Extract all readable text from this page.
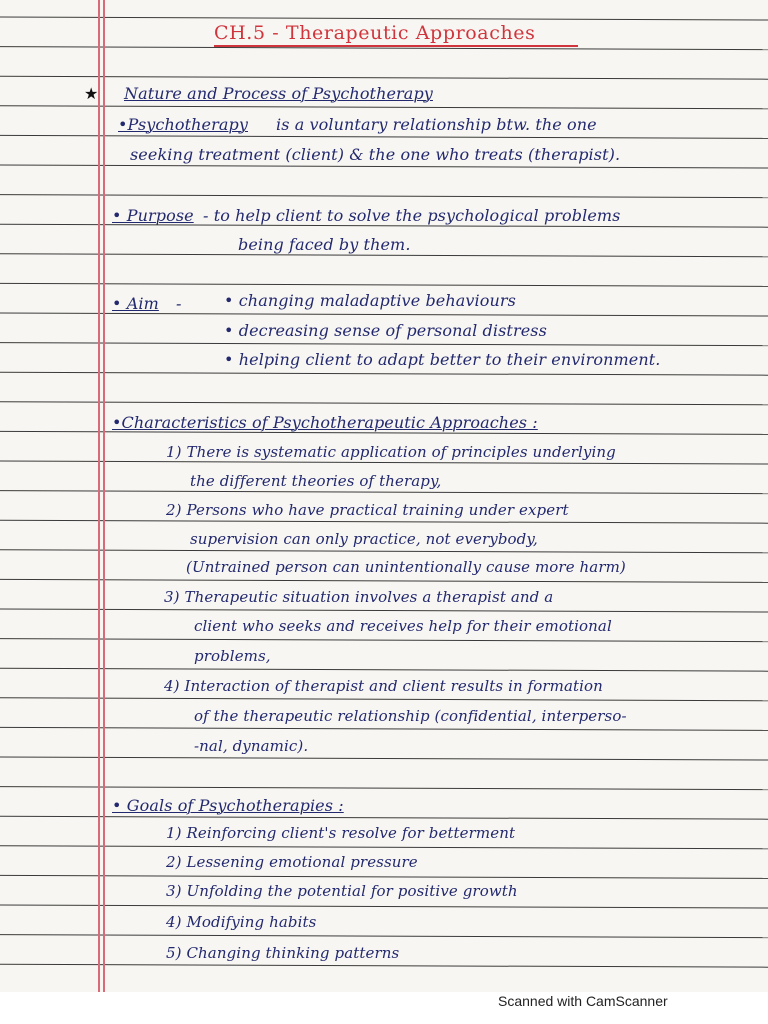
CH.5 - Therapeutic Approaches
★ Nature and Process of Psychotherapy
•Psychotherapy is a voluntary relationship btw. the one
seeking treatment (client) & the one who treats (therapist).
• Purpose - to help client to solve the psychological problems
being faced by them.
• Aim -	• changing maladaptive behaviours
• decreasing sense of personal distress
• helping client to adapt better to their environment.
•Characteristics of Psychotherapeutic Approaches :
1) There is systematic application of principles underlying
the different theories of therapy,
2) Persons who have practical training under expert
supervision can only practice, not everybody,
(Untrained person can unintentionally cause more harm)
3) Therapeutic situation involves a therapist and a
client who seeks and receives help for their emotional
problems,
4) Interaction of therapist and client results in formation
of the therapeutic relationship (confidential, interperso-
-nal, dynamic).
• Goals of Psychotherapies :
1) Reinforcing client's resolve for betterment
2) Lessening emotional pressure
3) Unfolding the potential for positive growth
4) Modifying habits
5) Changing thinking patterns
Scanned with CamScanner
